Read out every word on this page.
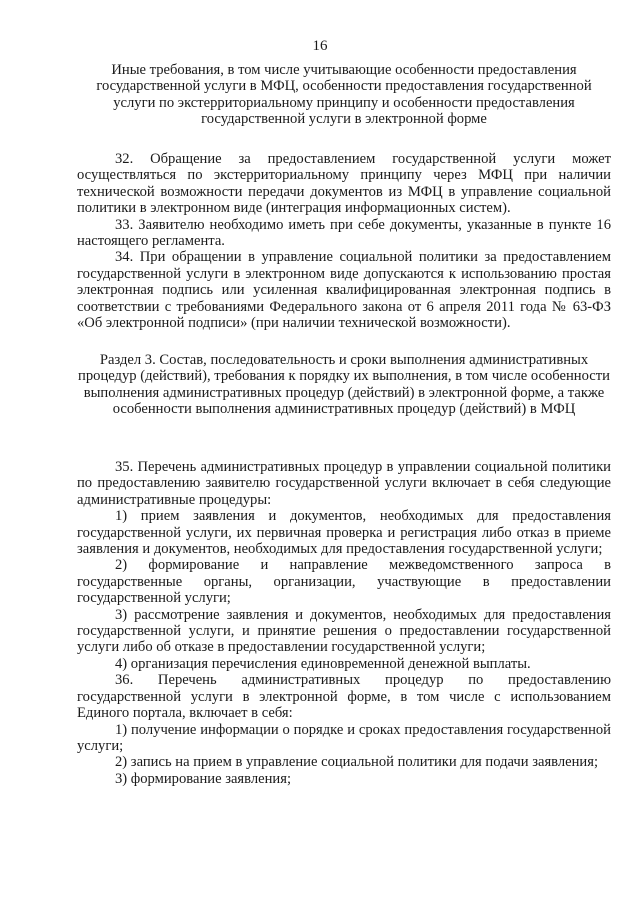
16

Иные требования, в том числе учитывающие особенности предоставления государственной услуги в МФЦ, особенности предоставления государственной услуги по экстерриториальному принципу и особенности предоставления государственной услуги в электронной форме

32. Обращение за предоставлением государственной услуги может осуществляться по экстерриториальному принципу через МФЦ при наличии технической возможности передачи документов из МФЦ в управление социальной политики в электронном виде (интеграция информационных систем).

33. Заявителю необходимо иметь при себе документы, указанные в пункте 16 настоящего регламента.

34. При обращении в управление социальной политики за предоставлением государственной услуги в электронном виде допускаются к использованию простая электронная подпись или усиленная квалифицированная электронная подпись в соответствии с требованиями Федерального закона от 6 апреля 2011 года № 63-ФЗ «Об электронной подписи» (при наличии технической возможности).

Раздел 3. Состав, последовательность и сроки выполнения административных процедур (действий), требования к порядку их выполнения, в том числе особенности выполнения административных процедур (действий) в электронной форме, а также особенности выполнения административных процедур (действий) в МФЦ

35. Перечень административных процедур в управлении социальной политики по предоставлению заявителю государственной услуги включает в себя следующие административные процедуры:

1) прием заявления и документов, необходимых для предоставления государственной услуги, их первичная проверка и регистрация либо отказ в приеме заявления и документов, необходимых для предоставления государственной услуги;

2) формирование и направление межведомственного запроса в государственные органы, организации, участвующие в предоставлении государственной услуги;

3) рассмотрение заявления и документов, необходимых для предоставления государственной услуги, и принятие решения о предоставлении государственной услуги либо об отказе в предоставлении государственной услуги;

4) организация перечисления единовременной денежной выплаты.

36. Перечень административных процедур по предоставлению государственной услуги в электронной форме, в том числе с использованием Единого портала, включает в себя:

1) получение информации о порядке и сроках предоставления государственной услуги;

2) запись на прием в управление социальной политики для подачи заявления;

3) формирование заявления;
